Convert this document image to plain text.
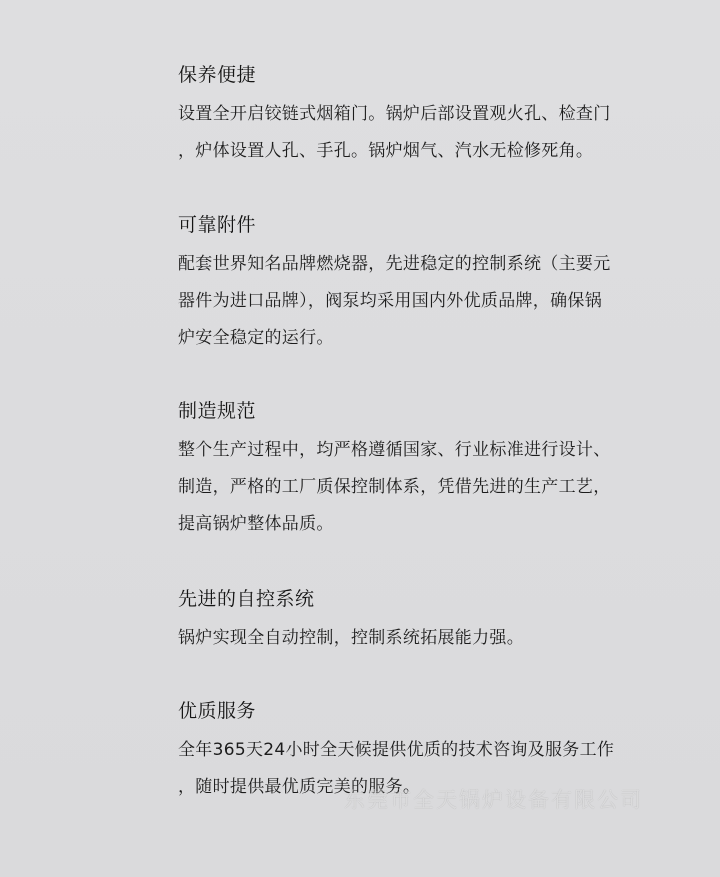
保养便捷

设置全开启铰链式烟箱门。锅炉后部设置观火孔、检查门

，炉体设置人孔、手孔。锅炉烟气、汽水无检修死角。

可靠附件

配套世界知名品牌燃烧器，先进稳定的控制系统（主要元

器件为进口品牌），阀泵均采用国内外优质品牌，确保锅

炉安全稳定的运行。

制造规范

整个生产过程中，均严格遵循国家、行业标准进行设计、

制造，严格的工厂质保控制体系，凭借先进的生产工艺，

提高锅炉整体品质。

先进的自控系统

锅炉实现全自动控制，控制系统拓展能力强。

优质服务

全年365天24小时全天候提供优质的技术咨询及服务工作

，随时提供最优质完美的服务。

东莞市全天锅炉设备有限公司
